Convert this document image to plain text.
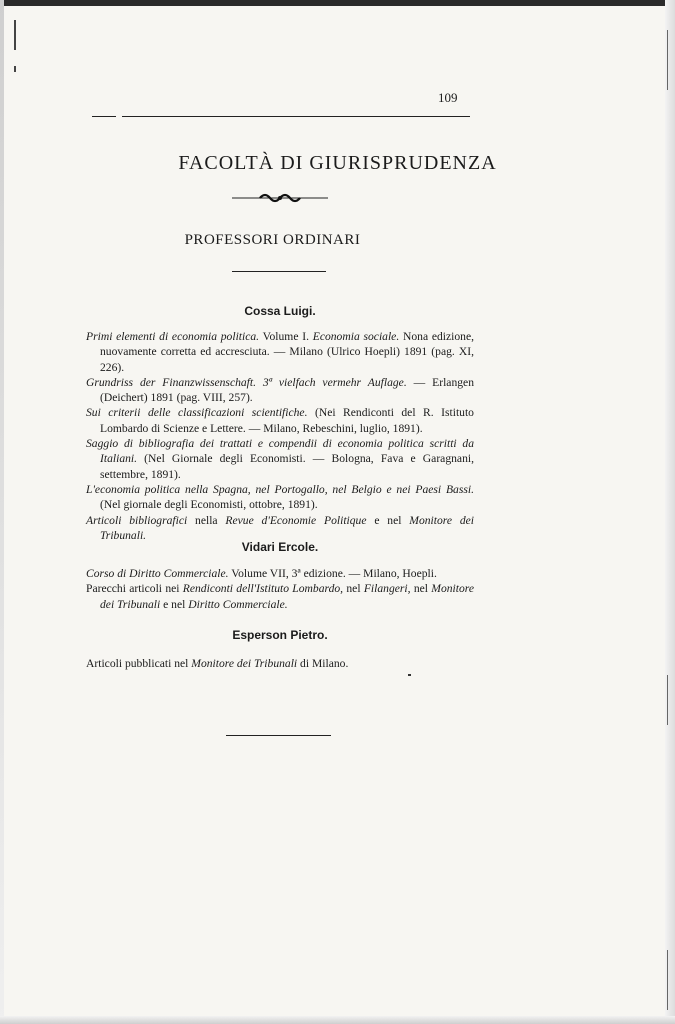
109
FACOLTÀ DI GIURISPRUDENZA
PROFESSORI ORDINARI
Cossa Luigi.

Primi elementi di economia politica. Volume I. Economia sociale. Nona edizione, nuovamente corretta ed accresciuta. — Milano (Ulrico Hoepli) 1891 (pag. XI, 226).

Grundriss der Finanzwissenschaft. 3ª vielfach vermehr Auflage. — Erlangen (Deichert) 1891 (pag. VIII, 257).

Sui criterii delle classificazioni scientifiche. (Nei Rendiconti del R. Istituto Lombardo di Scienze e Lettere. — Milano, Rebeschini, luglio, 1891).

Saggio di bibliografia dei trattati e compendii di economia politica scritti da Italiani. (Nel Giornale degli Economisti. — Bologna, Fava e Garagnani, settembre, 1891).

L'economia politica nella Spagna, nel Portogallo, nel Belgio e nei Paesi Bassi. (Nel giornale degli Economisti, ottobre, 1891).

Articoli bibliografici nella Revue d'Economie Politique e nel Monitore dei Tribunali.

Vidari Ercole.

Corso di Diritto Commerciale. Volume VII, 3ª edizione. — Milano, Hoepli.

Parecchi articoli nei Rendiconti dell'Istituto Lombardo, nel Filangeri, nel Monitore dei Tribunali e nel Diritto Commerciale.

Esperson Pietro.

Articoli pubblicati nel Monitore dei Tribunali di Milano.
